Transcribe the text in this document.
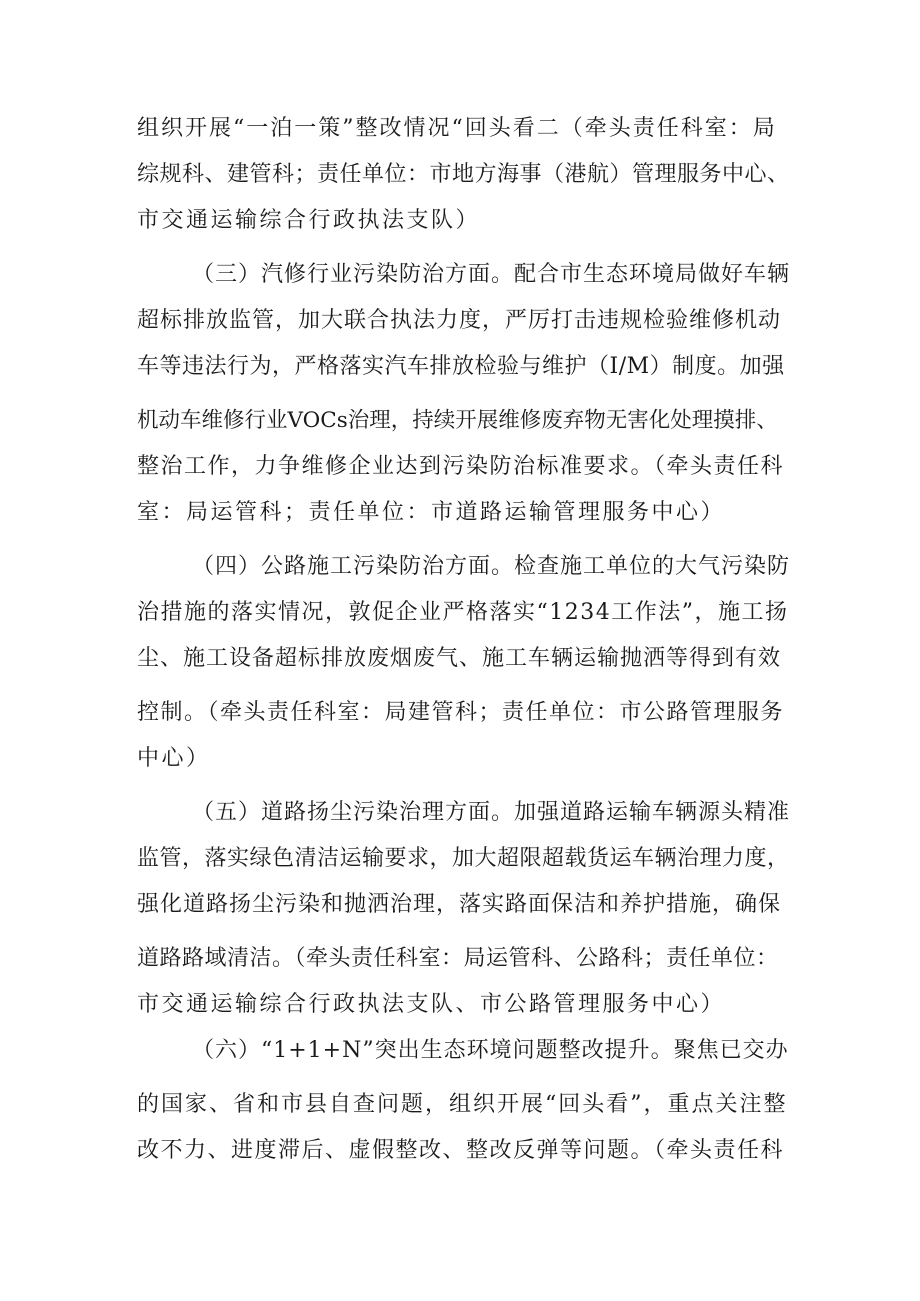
组织开展“一泊一策”整改情况“回头看二（牵头责任科室：局
综规科、建管科；责任单位：市地方海事（港航）管理服务中心、
市交通运输综合行政执法支队）
（三）汽修行业污染防治方面。配合市生态环境局做好车辆
超标排放监管，加大联合执法力度，严厉打击违规检验维修机动
车等违法行为，严格落实汽车排放检验与维护（I/M）制度。加强
机动车维修行业VOCs治理，持续开展维修废弃物无害化处理摸排、
整治工作，力争维修企业达到污染防治标准要求。（牵头责任科
室：局运管科；责任单位：市道路运输管理服务中心）
（四）公路施工污染防治方面。检查施工单位的大气污染防
治措施的落实情况，敦促企业严格落实“1234工作法”，施工扬
尘、施工设备超标排放废烟废气、施工车辆运输抛洒等得到有效
控制。（牵头责任科室：局建管科；责任单位：市公路管理服务
中心）
（五）道路扬尘污染治理方面。加强道路运输车辆源头精准
监管，落实绿色清洁运输要求，加大超限超载货运车辆治理力度，
强化道路扬尘污染和抛洒治理，落实路面保洁和养护措施，确保
道路路域清洁。（牵头责任科室：局运管科、公路科；责任单位：
市交通运输综合行政执法支队、市公路管理服务中心）
（六）“1+1+N”突出生态环境问题整改提升。聚焦已交办
的国家、省和市县自查问题，组织开展“回头看”，重点关注整
改不力、进度滞后、虚假整改、整改反弹等问题。（牵头责任科
